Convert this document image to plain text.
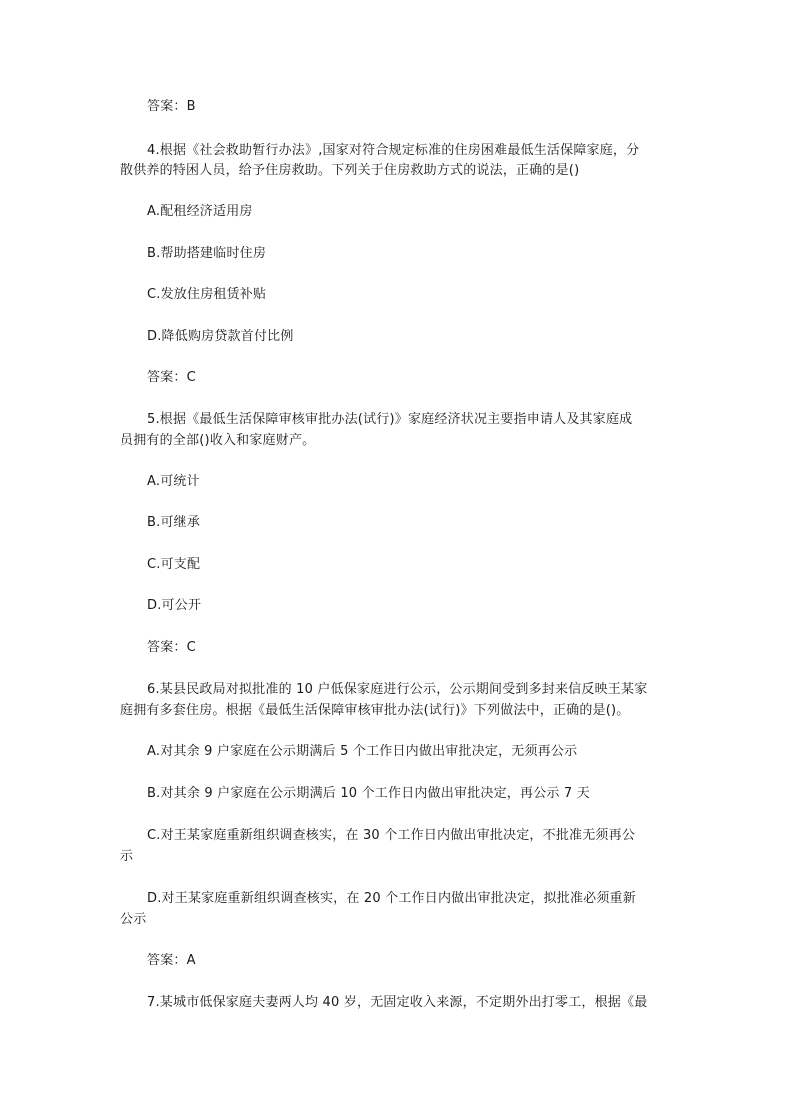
答案：B
4.根据《社会救助暂行办法》,国家对符合规定标准的住房困难最低生活保障家庭，分
散供养的特困人员，给予住房救助。下列关于住房救助方式的说法，正确的是()
A.配租经济适用房
B.帮助搭建临时住房
C.发放住房租赁补贴
D.降低购房贷款首付比例
答案：C
5.根据《最低生活保障审核审批办法(试行)》家庭经济状况主要指申请人及其家庭成
员拥有的全部()收入和家庭财产。
A.可统计
B.可继承
C.可支配
D.可公开
答案：C
6.某县民政局对拟批准的 10 户低保家庭进行公示，公示期间受到多封来信反映王某家
庭拥有多套住房。根据《最低生活保障审核审批办法(试行)》下列做法中，正确的是()。
A.对其余 9 户家庭在公示期满后 5 个工作日内做出审批决定，无须再公示
B.对其余 9 户家庭在公示期满后 10 个工作日内做出审批决定，再公示 7 天
C.对王某家庭重新组织调查核实，在 30 个工作日内做出审批决定，不批准无须再公
示
D.对王某家庭重新组织调查核实，在 20 个工作日内做出审批决定，拟批准必须重新
公示
答案：A
7.某城市低保家庭夫妻两人均 40 岁，无固定收入来源，不定期外出打零工，根据《最
